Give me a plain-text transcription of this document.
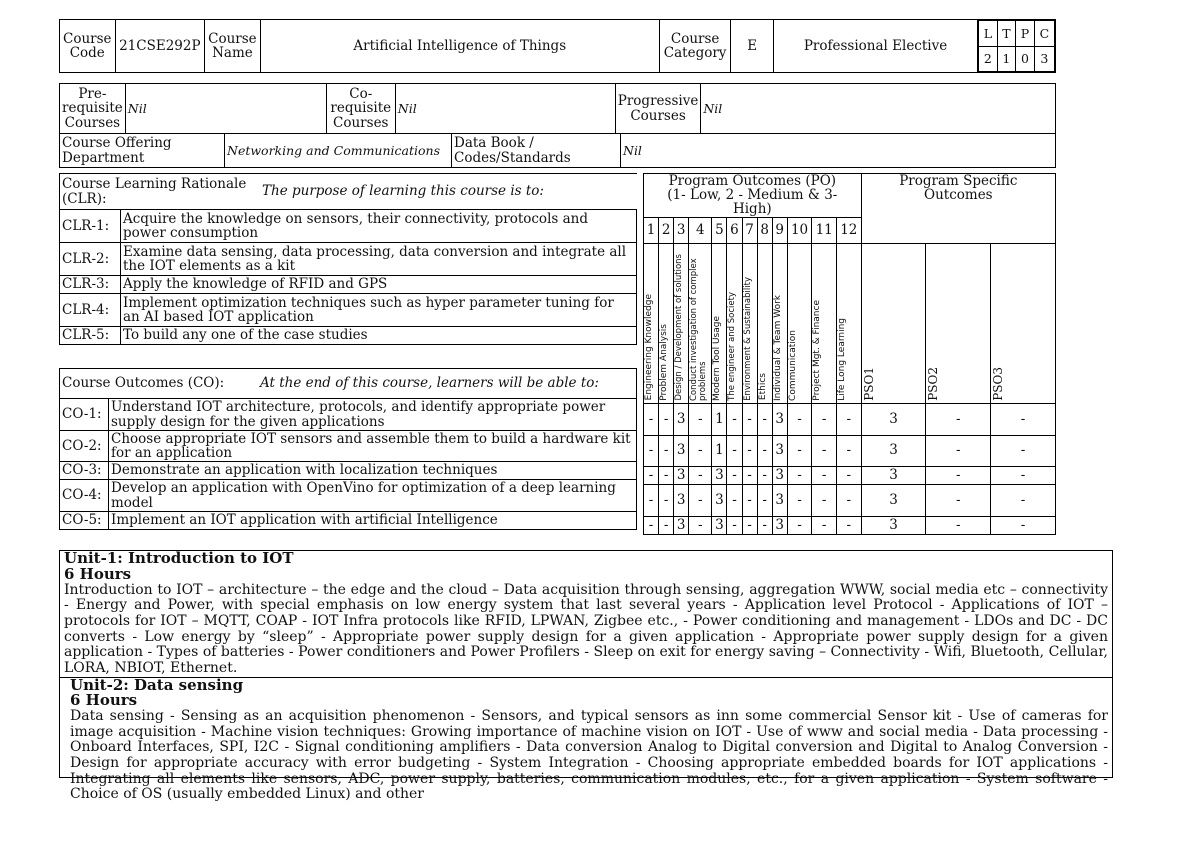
Course Code	21CSE292P	Course Name	Artificial Intelligence of Things	Course Category	E	Professional Elective	
L	T	P	C
2	1	0	3
Pre-requisite Courses	Nil	Co-requisite Courses	Nil	Progressive Courses	Nil
Course Offering Department	Networking and Communications	Data Book / Codes/Standards	Nil
Course Learning Rationale (CLR): The purpose of learning this course is to:	

CLR-1:	Acquire the knowledge on sensors, their connectivity, protocols and power consumption
CLR-2:	Examine data sensing, data processing, data conversion and integrate all the IOT elements as a kit
CLR-3:	Apply the knowledge of RFID and GPS
CLR-4:	Implement optimization techniques such as hyper parameter tuning for an AI based IOT application
CLR-5:	To build any one of the case studies
Program Outcomes (PO)
(1- Low, 2 - Medium & 3- High)												Program Specific Outcomes		
1	2	3	4	5	6	7	8	9	10	11	12			

Engineering Knowledge	Problem Analysis	Design / Development of solutions	Conduct investigation of complex problems	Modern Tool Usage	The engineer and Society	Environment & Sustainability	Ethics	Individual & Team Work	Communication	Project Mgt. & Finance	Life Long Learning	PSO1	PSO2	PSO3

-	-	3	-	1	-	-	-	3	-	-	-	3	-	-
-	-	3	-	1	-	-	-	3	-	-	-	3	-	-
-	-	3	-	3	-	-	-	3	-	-	-	3	-	-
-	-	3	-	3	-	-	-	3	-	-	-	3	-	-
-	-	3	-	3	-	-	-	3	-	-	-	3	-	-
Course Outcomes (CO): At the end of this course, learners will be able to:	

CO-1:	Understand IOT architecture, protocols, and identify appropriate power supply design for the given applications
CO-2:	Choose appropriate IOT sensors and assemble them to build a hardware kit for an application
CO-3:	Demonstrate an application with localization techniques
CO-4:	Develop an application with OpenVino for optimization of a deep learning model
CO-5:	Implement an IOT application with artificial Intelligence
Unit-1: Introduction to IOT
6 Hours
Introduction to IOT – architecture – the edge and the cloud – Data acquisition through sensing, aggregation WWW, social media etc – connectivity - Energy and Power, with special emphasis on low energy system that last several years - Application level Protocol - Applications of IOT – protocols for IOT – MQTT, COAP - IOT Infra protocols like RFID, LPWAN, Zigbee etc., - Power conditioning and management - LDOs and DC - DC converts - Low energy by “sleep” - Appropriate power supply design for a given application - Appropriate power supply design for a given application - Types of batteries - Power conditioners and Power Profilers - Sleep on exit for energy saving – Connectivity - Wifi, Bluetooth, Cellular, LORA, NBIOT, Ethernet.
Unit-2: Data sensing
6 Hours
Data sensing - Sensing as an acquisition phenomenon - Sensors, and typical sensors as inn some commercial Sensor kit - Use of cameras for image acquisition - Machine vision techniques: Growing importance of machine vision on IOT - Use of www and social media - Data processing - Onboard Interfaces, SPI, I2C - Signal conditioning amplifiers - Data conversion Analog to Digital conversion and Digital to Analog Conversion - Design for appropriate accuracy with error budgeting - System Integration - Choosing appropriate embedded boards for IOT applications - Integrating all elements like sensors, ADC, power supply, batteries, communication modules, etc., for a given application - System software - Choice of OS (usually embedded Linux) and other
